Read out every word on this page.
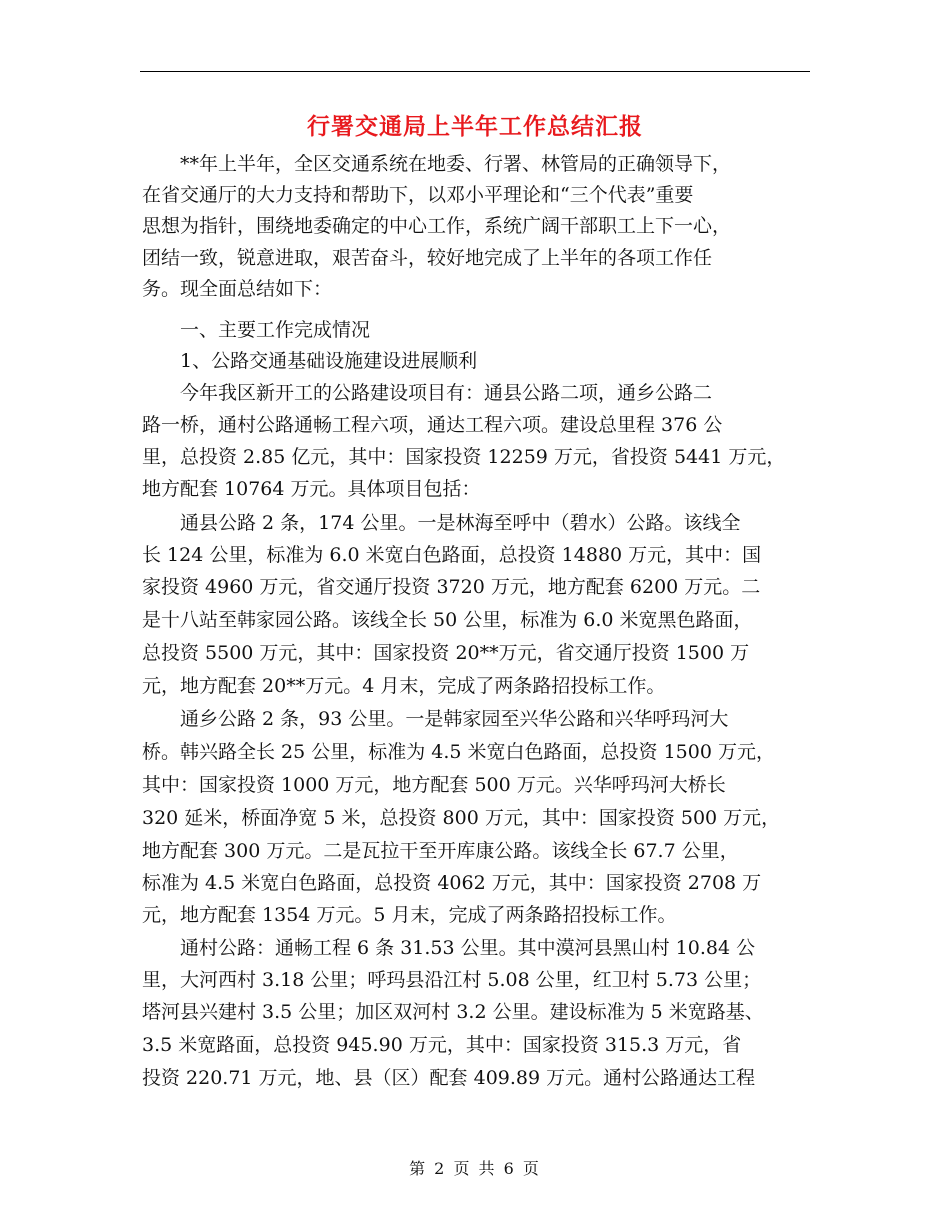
行署交通局上半年工作总结汇报
　　**年上半年，全区交通系统在地委、行署、林管局的正确领导下，
在省交通厅的大力支持和帮助下，以邓小平理论和“三个代表”重要
思想为指针，围绕地委确定的中心工作，系统广阔干部职工上下一心，
团结一致，锐意进取，艰苦奋斗，较好地完成了上半年的各项工作任
务。现全面总结如下：
　　一、主要工作完成情况
　　1、公路交通基础设施建设进展顺利
　　今年我区新开工的公路建设项目有：通县公路二项，通乡公路二
路一桥，通村公路通畅工程六项，通达工程六项。建设总里程 376 公
里，总投资 2.85 亿元，其中：国家投资 12259 万元，省投资 5441 万元，
地方配套 10764 万元。具体项目包括：
　　通县公路 2 条，174 公里。一是林海至呼中（碧水）公路。该线全
长 124 公里，标准为 6.0 米宽白色路面，总投资 14880 万元，其中：国
家投资 4960 万元，省交通厅投资 3720 万元，地方配套 6200 万元。二
是十八站至韩家园公路。该线全长 50 公里，标准为 6.0 米宽黑色路面，
总投资 5500 万元，其中：国家投资 20**万元，省交通厅投资 1500 万
元，地方配套 20**万元。4 月末，完成了两条路招投标工作。
　　通乡公路 2 条，93 公里。一是韩家园至兴华公路和兴华呼玛河大
桥。韩兴路全长 25 公里，标准为 4.5 米宽白色路面，总投资 1500 万元，
其中：国家投资 1000 万元，地方配套 500 万元。兴华呼玛河大桥长
320 延米，桥面净宽 5 米，总投资 800 万元，其中：国家投资 500 万元，
地方配套 300 万元。二是瓦拉干至开库康公路。该线全长 67.7 公里，
标准为 4.5 米宽白色路面，总投资 4062 万元，其中：国家投资 2708 万
元，地方配套 1354 万元。5 月末，完成了两条路招投标工作。
　　通村公路：通畅工程 6 条 31.53 公里。其中漠河县黑山村 10.84 公
里，大河西村 3.18 公里；呼玛县沿江村 5.08 公里，红卫村 5.73 公里；
塔河县兴建村 3.5 公里；加区双河村 3.2 公里。建设标准为 5 米宽路基、
3.5 米宽路面，总投资 945.90 万元，其中：国家投资 315.3 万元，省
投资 220.71 万元，地、县（区）配套 409.89 万元。通村公路通达工程
第 2 页 共 6 页
